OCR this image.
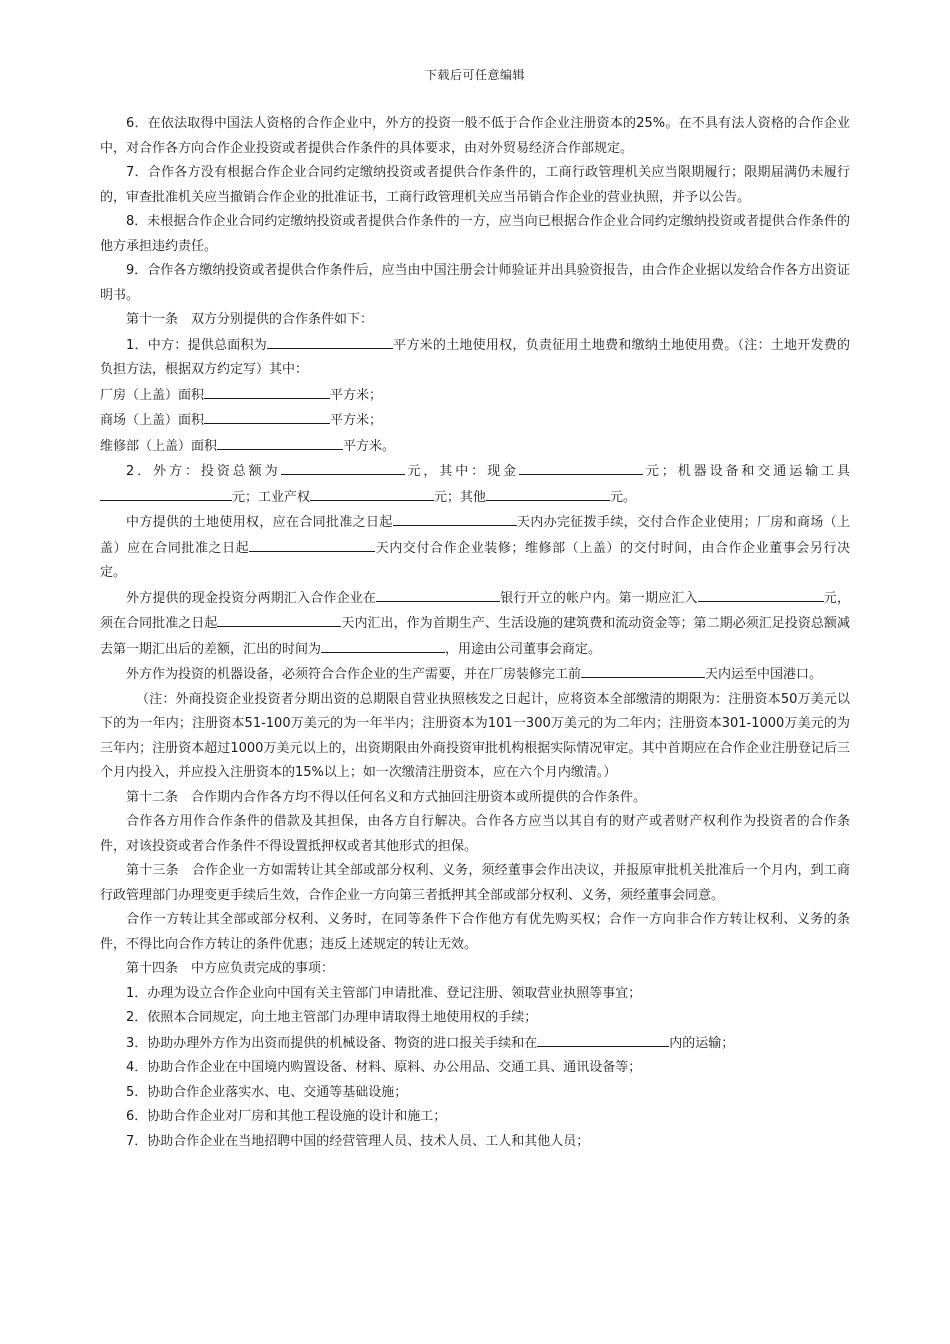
下载后可任意编辑

6．在依法取得中国法人资格的合作企业中，外方的投资一般不低于合作企业注册资本的25%。在不具有法人资格的合作企业中，对合作各方向合作企业投资或者提供合作条件的具体要求，由对外贸易经济合作部规定。

7．合作各方没有根据合作企业合同约定缴纳投资或者提供合作条件的，工商行政管理机关应当限期履行；限期届满仍未履行的，审查批准机关应当撤销合作企业的批准证书，工商行政管理机关应当吊销合作企业的营业执照，并予以公告。

8．未根据合作企业合同约定缴纳投资或者提供合作条件的一方，应当向已根据合作企业合同约定缴纳投资或者提供合作条件的他方承担违约责任。

9．合作各方缴纳投资或者提供合作条件后，应当由中国注册会计师验证并出具验资报告，由合作企业据以发给合作各方出资证明书。

第十一条　双方分别提供的合作条件如下：

1．中方：提供总面积为	平方米的土地使用权，负责征用土地费和缴纳土地使用费。（注：土地开发费的负担方法，根据双方约定写）其中：

厂房（上盖）面积	平方米；

商场（上盖）面积	平方米；

维修部（上盖）面积	平方米。

2．外方：投资总额为	元，其中：现金	元；机器设备和交通运输工具元；工业产权	元；其他	元。

中方提供的土地使用权，应在合同批准之日起	天内办完征拨手续，交付合作企业使用；厂房和商场（上盖）应在合同批准之日起	天内交付合作企业装修；维修部（上盖）的交付时间，由合作企业董事会另行决定。

外方提供的现金投资分两期汇入合作企业在	银行开立的帐户内。第一期应汇入	元，须在合同批准之日起	天内汇出，作为首期生产、生活设施的建筑费和流动资金等；第二期必须汇足投资总额减去第一期汇出后的差额，汇出的时间为	，用途由公司董事会商定。

外方作为投资的机器设备，必须符合合作企业的生产需要，并在厂房装修完工前	天内运至中国港口。

（注：外商投资企业投资者分期出资的总期限自营业执照核发之日起计，应将资本全部缴清的期限为：注册资本50万美元以下的为一年内；注册资本51-100万美元的为一年半内；注册资本为101一300万美元的为二年内；注册资本301-1000万美元的为三年内；注册资本超过1000万美元以上的，出资期限由外商投资审批机构根据实际情况审定。其中首期应在合作企业注册登记后三个月内投入，并应投入注册资本的15%以上；如一次缴清注册资本，应在六个月内缴清。）

第十二条　合作期内合作各方均不得以任何名义和方式抽回注册资本或所提供的合作条件。

合作各方用作合作条件的借款及其担保，由各方自行解决。合作各方应当以其自有的财产或者财产权利作为投资者的合作条件，对该投资或者合作条件不得设置抵押权或者其他形式的担保。

第十三条　合作企业一方如需转让其全部或部分权利、义务，须经董事会作出决议，并报原审批机关批准后一个月内，到工商行政管理部门办理变更手续后生效，合作企业一方向第三者抵押其全部或部分权利、义务，须经董事会同意。

合作一方转让其全部或部分权利、义务时，在同等条件下合作他方有优先购买权；合作一方向非合作方转让权利、义务的条件，不得比向合作方转让的条件优惠；违反上述规定的转让无效。

第十四条　中方应负责完成的事项：

1．办理为设立合作企业向中国有关主管部门申请批准、登记注册、领取营业执照等事宜；

2．依照本合同规定，向土地主管部门办理申请取得土地使用权的手续；

3．协助办理外方作为出资而提供的机械设备、物资的进口报关手续和在	内的运输；

4．协助合作企业在中国境内购置设备、材料、原料、办公用品、交通工具、通讯设备等；

5．协助合作企业落实水、电、交通等基础设施；

6．协助合作企业对厂房和其他工程设施的设计和施工；

7．协助合作企业在当地招聘中国的经营管理人员、技术人员、工人和其他人员；
